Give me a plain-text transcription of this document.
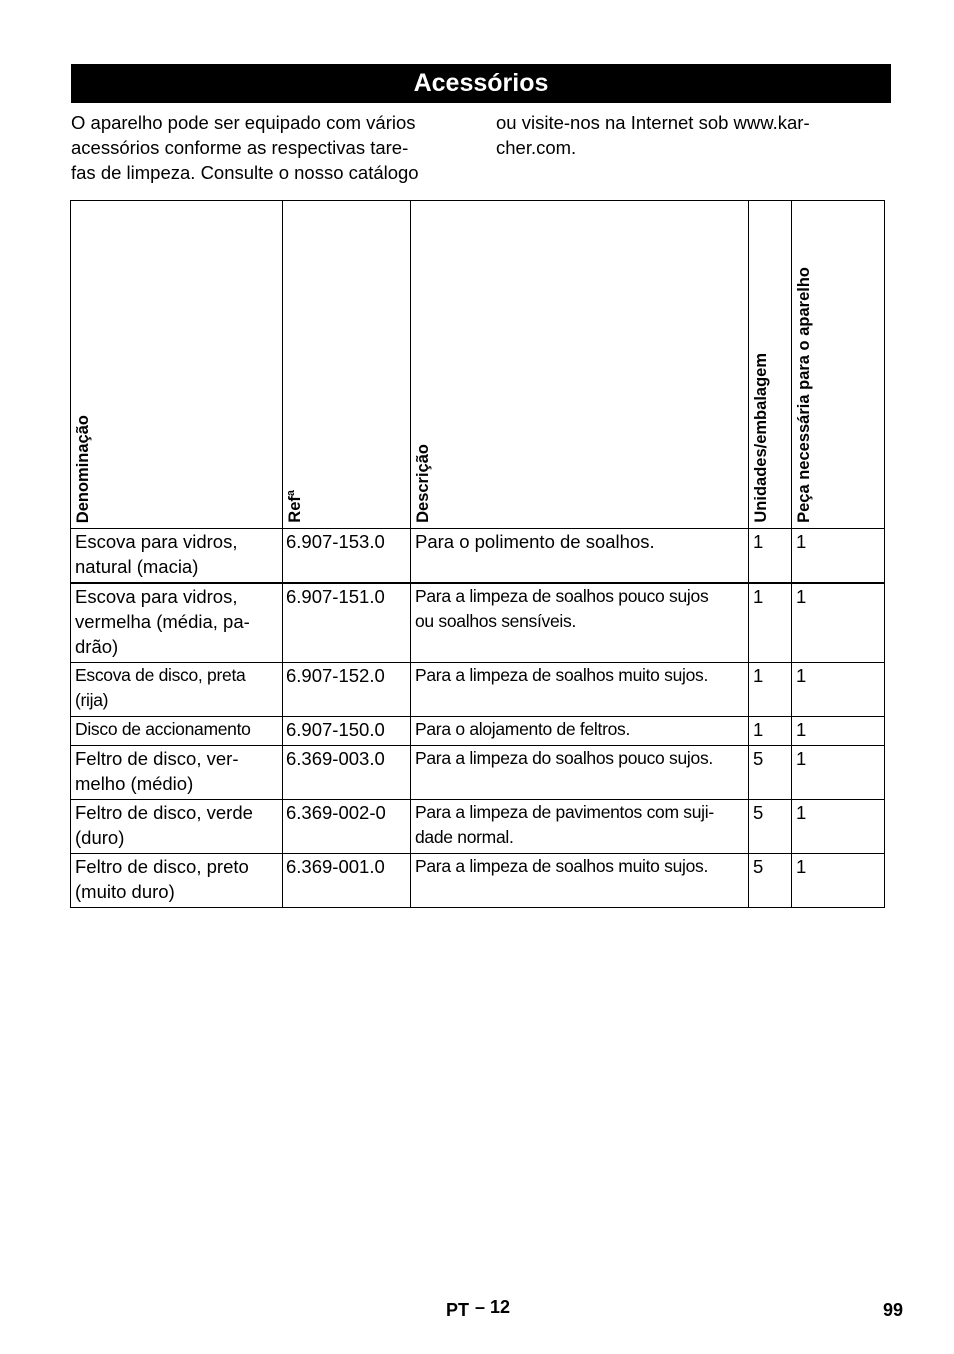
Acessórios
O aparelho pode ser equipado com vários
acessórios conforme as respectivas tare-
fas de limpeza. Consulte o nosso catálogo
ou visite-nos na Internet sob www.kar-
cher.com.
Denominação	Refª	Descrição	Unidades/embalagem	Peça necessária para o aparelho

Escova para vidros,
natural (macia)	6.907-153.0	Para o polimento de soalhos.	1	1

Escova para vidros,
vermelha (média, pa-
drão)	6.907-151.0	Para a limpeza de soalhos pouco sujos
ou soalhos sensíveis.	1	1

Escova de disco, preta
(rija)	6.907-152.0	Para a limpeza de soalhos muito sujos.	1	1

Disco de accionamento	6.907-150.0	Para o alojamento de feltros.	1	1

Feltro de disco, ver-
melho (médio)	6.369-003.0	Para a limpeza do soalhos pouco sujos.	5	1

Feltro de disco, verde
(duro)	6.369-002-0	Para a limpeza de pavimentos com suji-
dade normal.	5	1

Feltro de disco, preto
(muito duro)	6.369-001.0	Para a limpeza de soalhos muito sujos.	5	1
PT – 12	99
